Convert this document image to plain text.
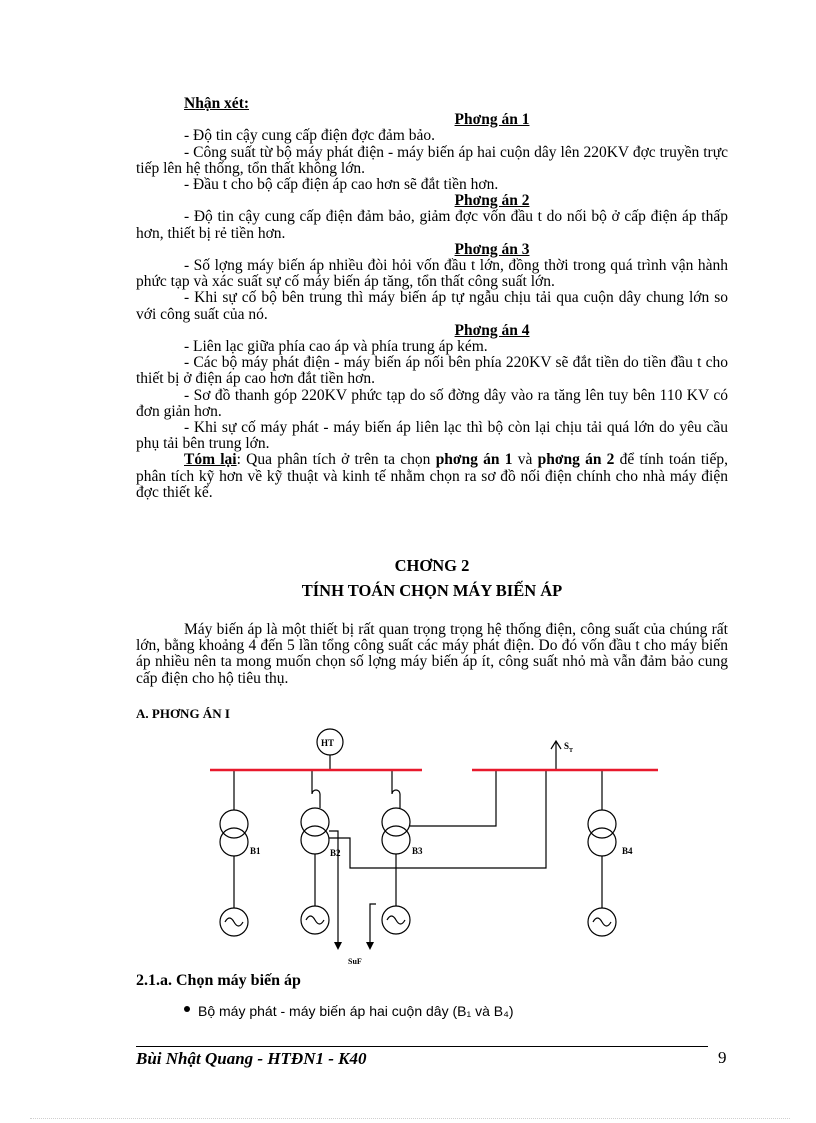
Nhận xét:

Phơng án 1

- Độ tin cậy cung cấp điện đợc đảm bảo.

- Công suất từ bộ máy phát điện - máy biến áp hai cuộn dây lên 220KV đợc truyền trực tiếp lên hệ thống, tổn thất không lớn.

- Đầu t cho bộ cấp điện áp cao hơn sẽ đắt tiền hơn.

Phơng án 2

- Độ tin cậy cung cấp điện đảm bảo, giảm đợc vốn đầu t do nối bộ ở cấp điện áp thấp hơn, thiết bị rẻ tiền hơn.

Phơng án 3

- Số lợng máy biến áp nhiều đòi hỏi vốn đầu t lớn, đồng thời trong quá trình vận hành phức tạp và xác suất sự cố máy biến áp tăng, tổn thất công suất lớn.

- Khi sự cố bộ bên trung thì máy biến áp tự ngẫu chịu tải qua cuộn dây chung lớn so với công suất của nó.

Phơng án 4

- Liên lạc giữa phía cao áp và phía trung áp kém.

- Các bộ máy phát điện - máy biến áp nối bên phía 220KV sẽ đắt tiền do tiền đầu t cho thiết bị ở điện áp cao hơn đắt tiền hơn.

- Sơ đồ thanh góp 220KV phức tạp do số đờng dây vào ra tăng lên tuy bên 110 KV có đơn giản hơn.

- Khi sự cố máy phát - máy biến áp liên lạc thì bộ còn lại chịu tải quá lớn do yêu cầu phụ tải bên trung lớn.

Tóm lại: Qua phân tích ở trên ta chọn phơng án 1 và phơng án 2 để tính toán tiếp, phân tích kỹ hơn về kỹ thuật và kinh tế nhằm chọn ra sơ đồ nối điện chính cho nhà máy điện đợc thiết kế.

CHƠNG 2
TÍNH TOÁN CHỌN MÁY BIẾN ÁP

Máy biến áp là một thiết bị rất quan trọng trọng hệ thống điện, công suất của chúng rất lớn, bằng khoảng 4 đến 5 lần tổng công suất các máy phát điện. Do đó vốn đầu t cho máy biến áp nhiều nên ta mong muốn chọn số lợng máy biến áp ít, công suất nhỏ mà vẫn đảm bảo cung cấp điện cho hộ tiêu thụ.

A. PHƠNG ÁN I
HT	$S_T$
B1	B2	B3	B4
SuF
2.1.a. Chọn máy biến áp
Bộ máy phát - máy biến áp hai cuộn dây (B₁ và B₄)
Bùi Nhật Quang - HTĐN1 - K40	9
